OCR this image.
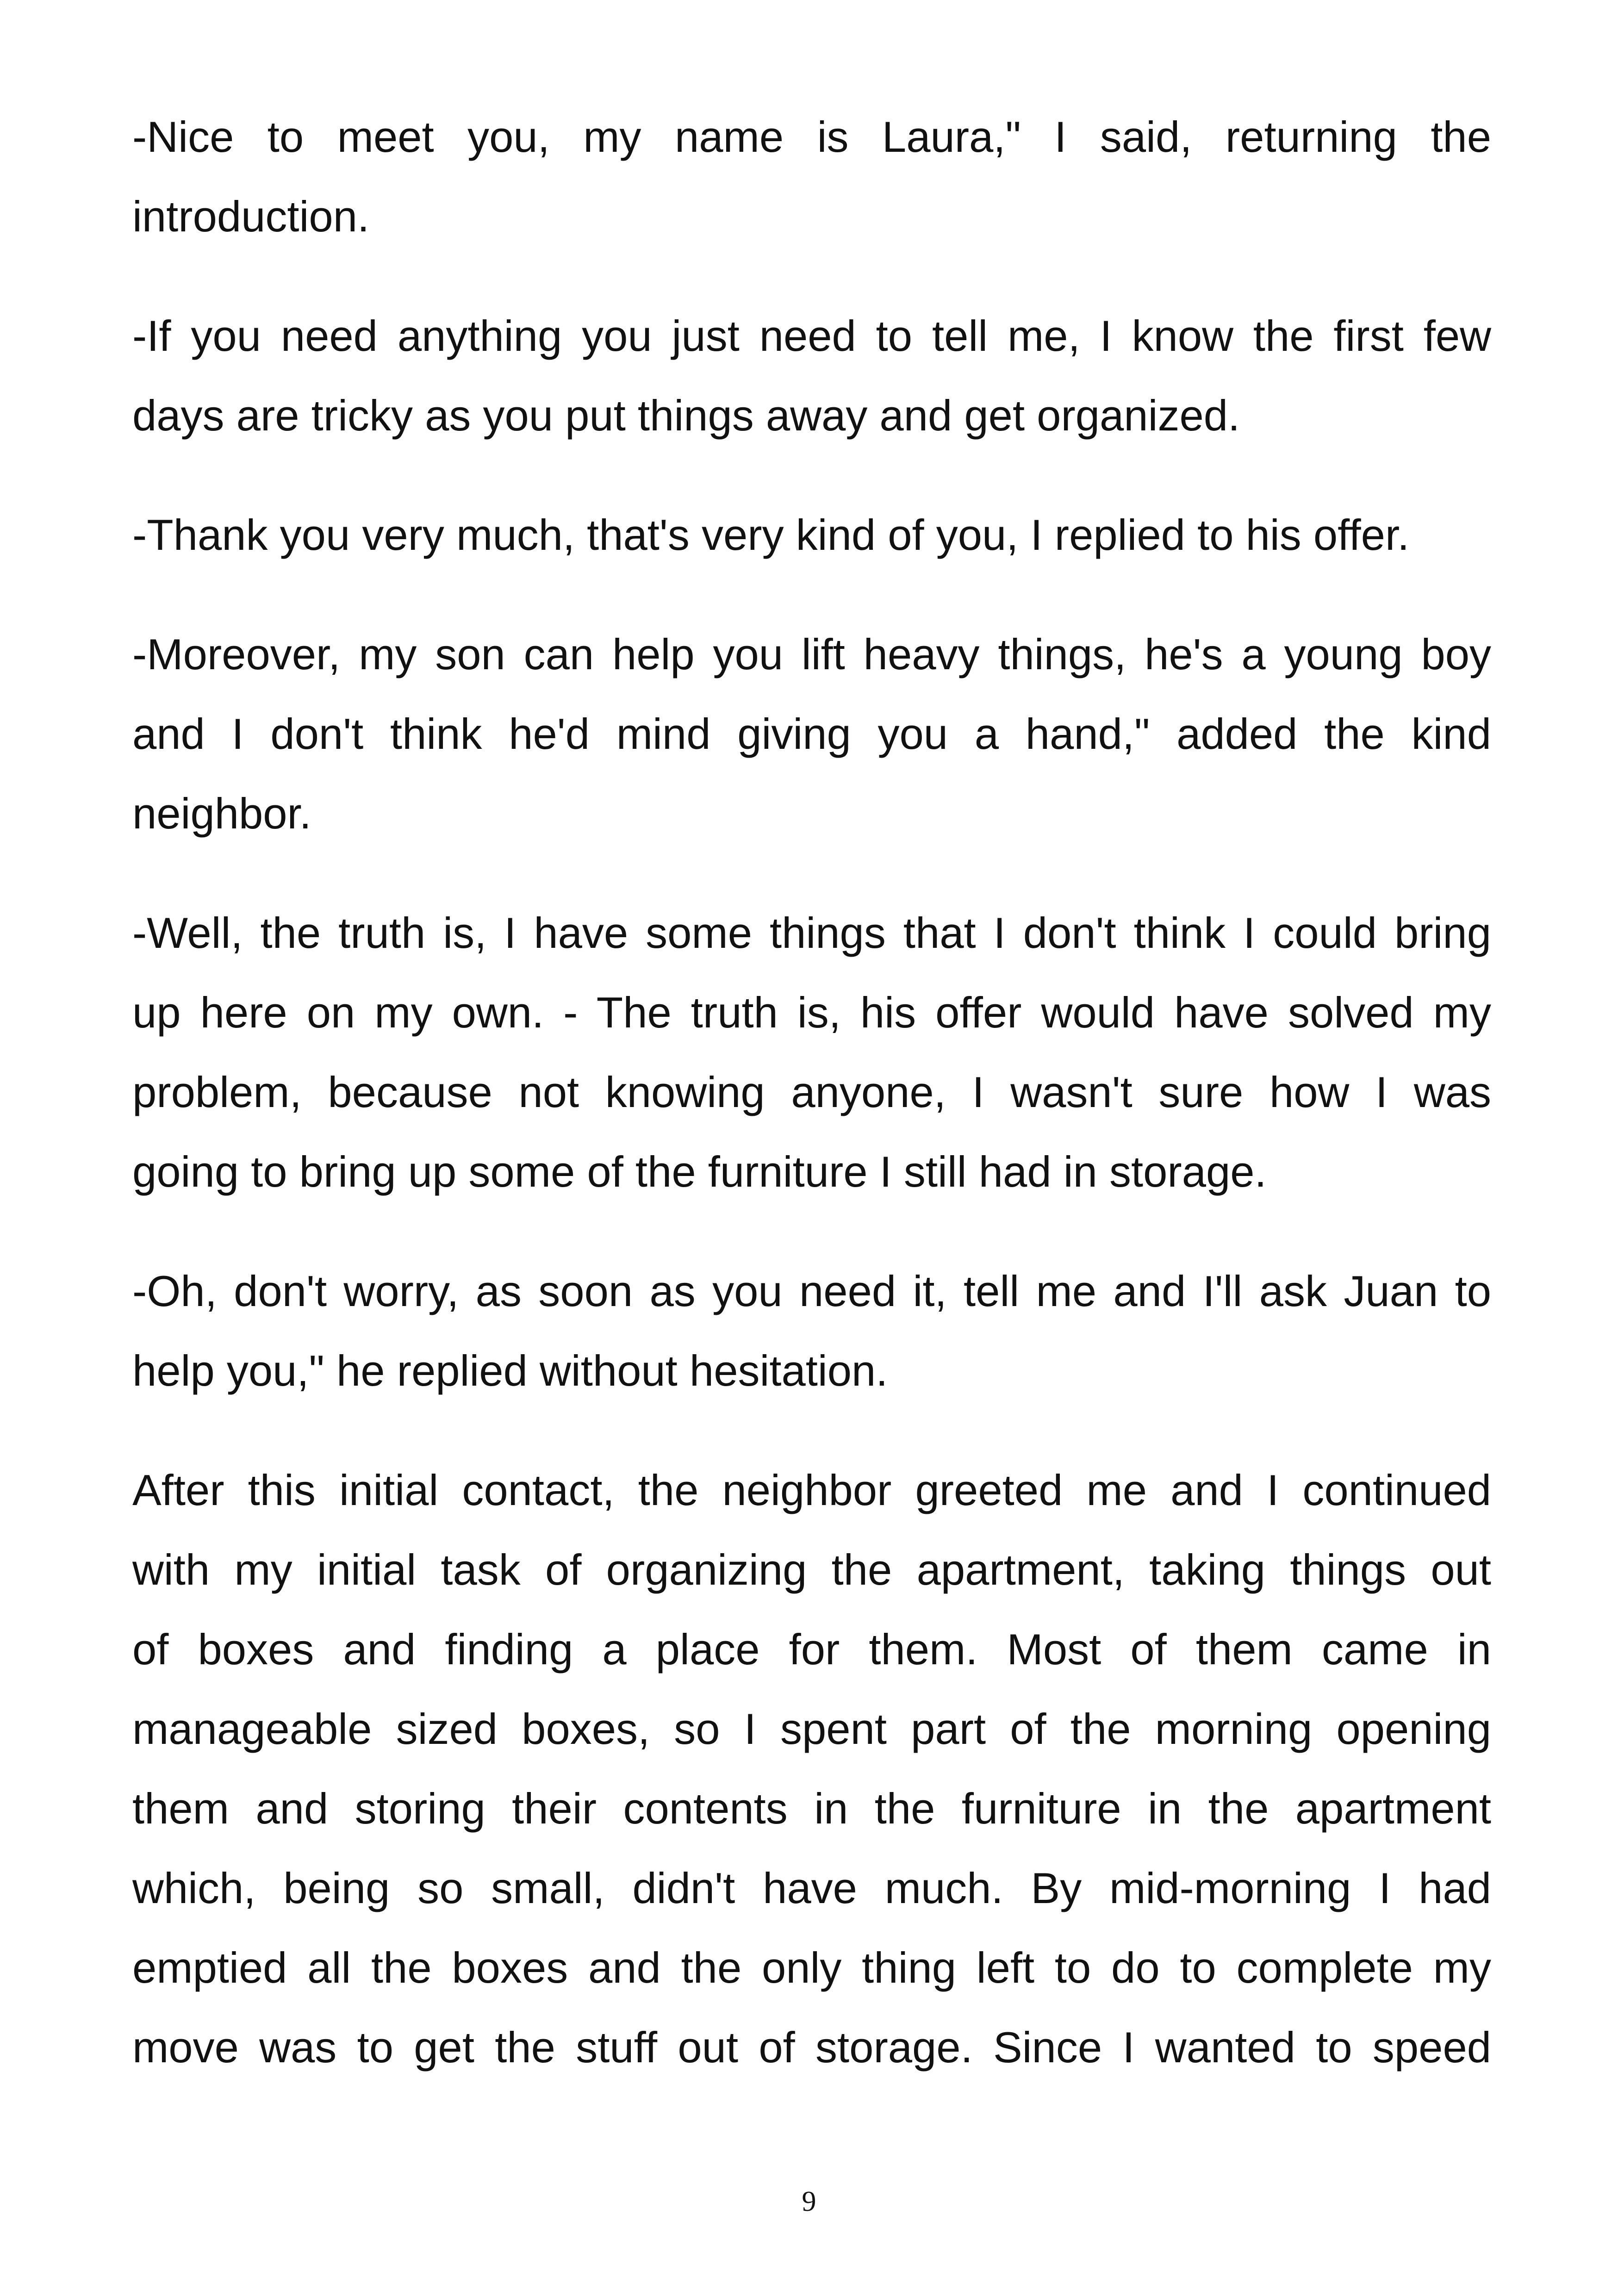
-Nice to meet you, my name is Laura," I said, returning the
introduction.
-If you need anything you just need to tell me, I know the first few
days are tricky as you put things away and get organized.
-Thank you very much, that's very kind of you, I replied to his offer.
-Moreover, my son can help you lift heavy things, he's a young boy
and I don't think he'd mind giving you a hand," added the kind
neighbor.
-Well, the truth is, I have some things that I don't think I could bring
up here on my own. - The truth is, his offer would have solved my
problem, because not knowing anyone, I wasn't sure how I was
going to bring up some of the furniture I still had in storage.
-Oh, don't worry, as soon as you need it, tell me and I'll ask Juan to
help you," he replied without hesitation.
After this initial contact, the neighbor greeted me and I continued
with my initial task of organizing the apartment, taking things out
of boxes and finding a place for them. Most of them came in
manageable sized boxes, so I spent part of the morning opening
them and storing their contents in the furniture in the apartment
which, being so small, didn't have much. By mid-morning I had
emptied all the boxes and the only thing left to do to complete my
move was to get the stuff out of storage. Since I wanted to speed
9
